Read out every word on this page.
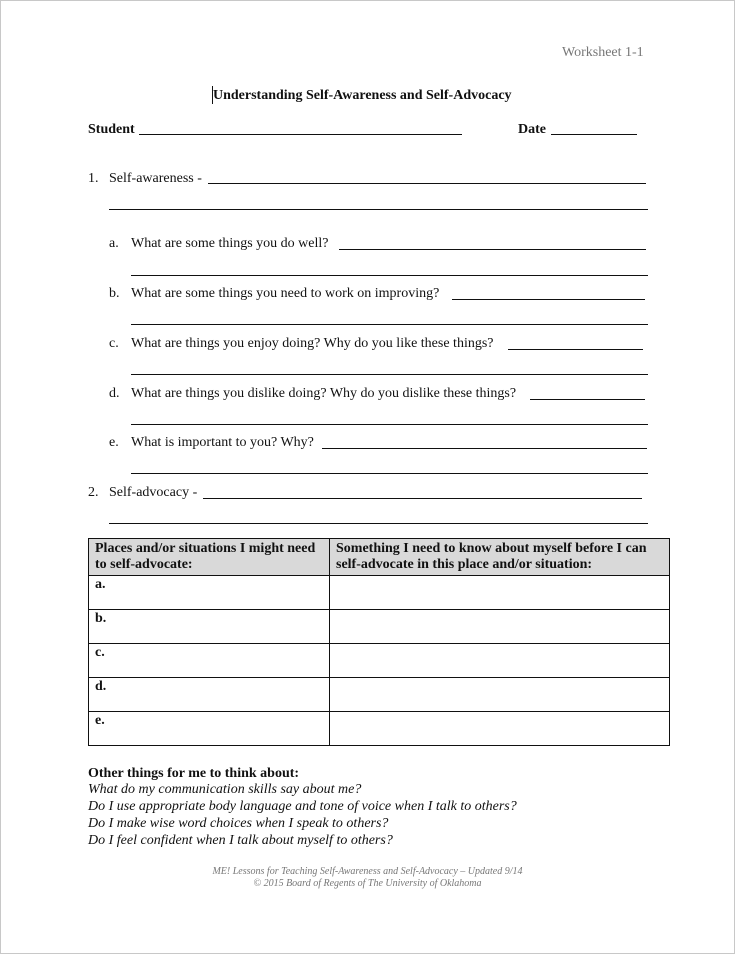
Worksheet 1-1
Understanding Self-Awareness and Self-Advocacy
Student	Date
1. Self-awareness -
a. What are some things you do well?
b. What are some things you need to work on improving?
c. What are things you enjoy doing? Why do you like these things?
d. What are things you dislike doing? Why do you dislike these things?
e. What is important to you? Why?
2. Self-advocacy -
Places and/or situations I might need to self-advocate:	Something I need to know about myself before I can self-advocate in this place and/or situation:
a.	
b.	
c.	
d.	
e.	
Other things for me to think about:
What do my communication skills say about me?
Do I use appropriate body language and tone of voice when I talk to others?
Do I make wise word choices when I speak to others?
Do I feel confident when I talk about myself to others?
ME! Lessons for Teaching Self-Awareness and Self-Advocacy – Updated 9/14
© 2015 Board of Regents of The University of Oklahoma
